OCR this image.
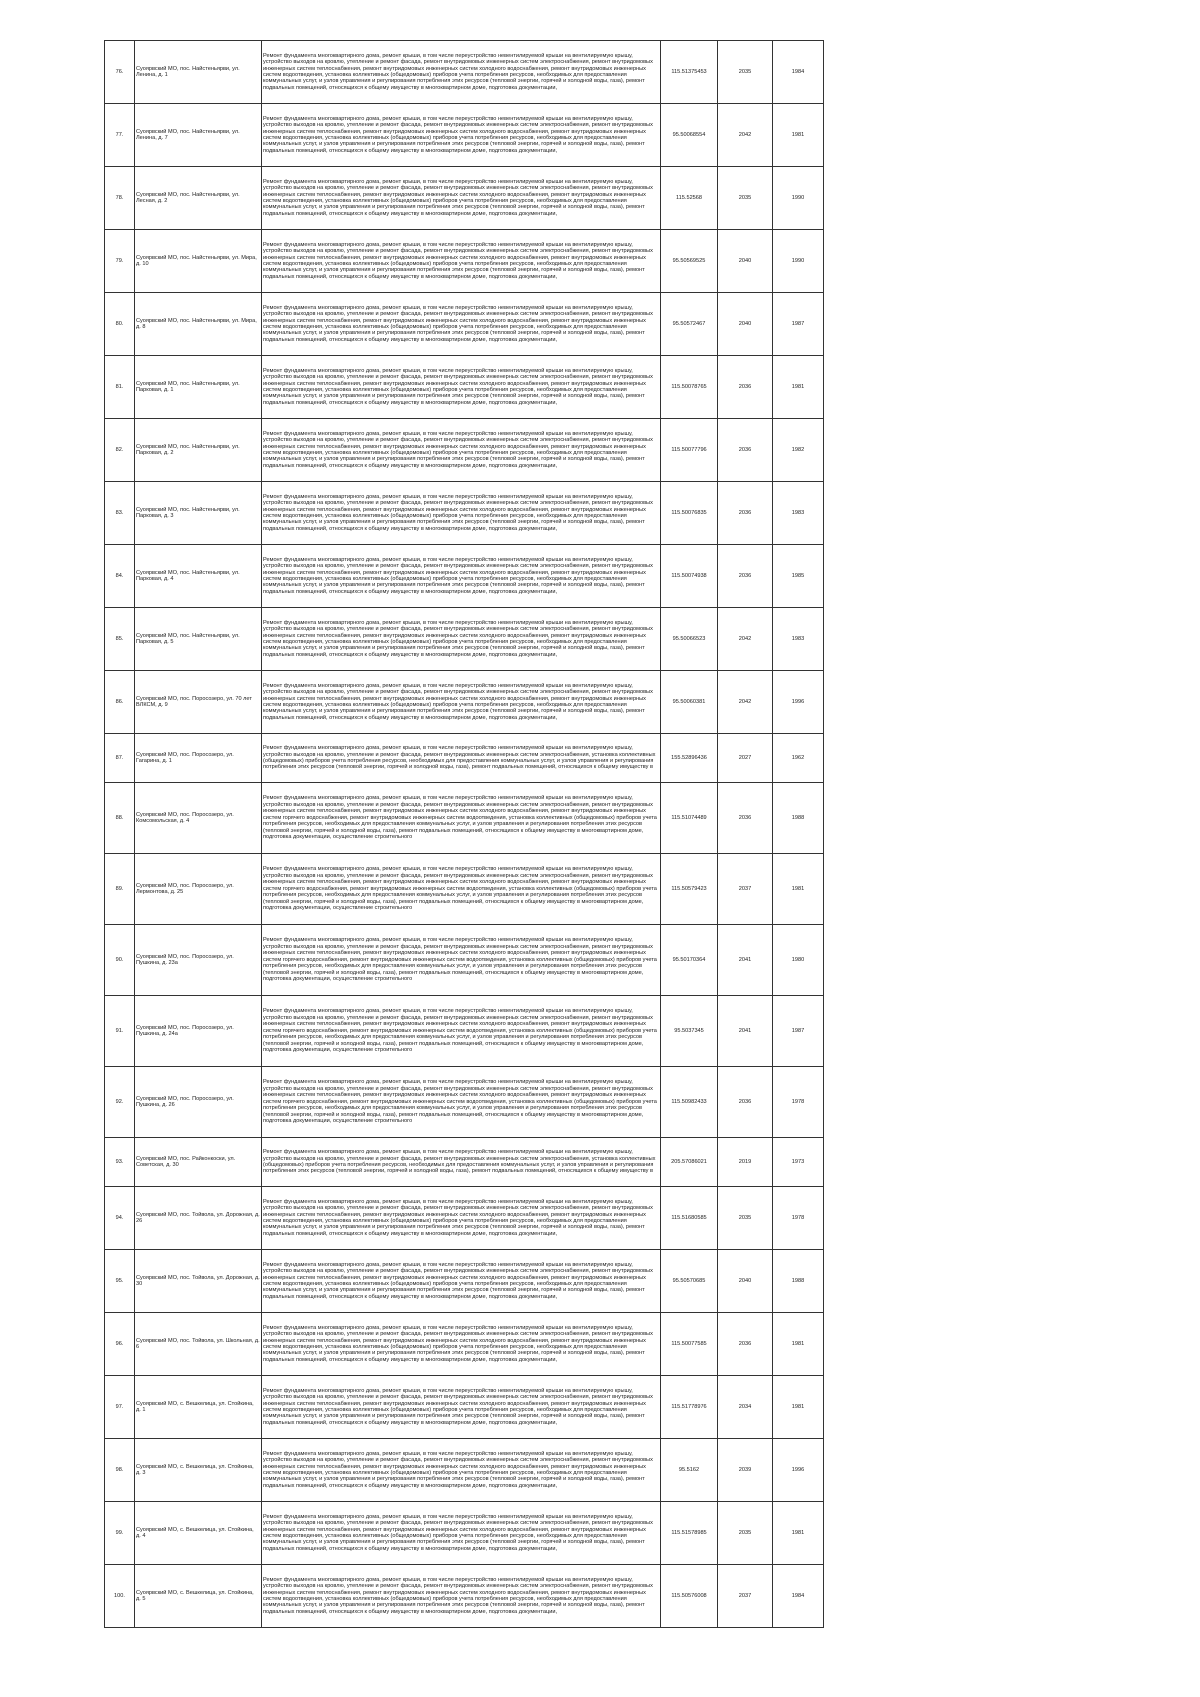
76.	Суоярвский МО, пос. Найстеньярви, ул. Ленина, д. 1	Ремонт фундамента многоквартирного дома, ремонт крыши, в том числе переустройство невентилируемой крыши на вентилируемую крышу, устройство выходов на кровлю, утепление и ремонт фасада, ремонт внутридомовых инженерных систем электроснабжения, ремонт внутридомовых инженерных систем теплоснабжения, ремонт внутридомовых инженерных систем холодного водоснабжения, ремонт внутридомовых инженерных систем водоотведения, установка коллективных (общедомовых) приборов учета потребления ресурсов, необходимых для предоставления коммунальных услуг, и узлов управления и регулирования потребления этих ресурсов (тепловой энергии, горячей и холодной воды, газа), ремонт подвальных помещений, относящихся к общему имуществу в многоквартирном доме, подготовка документации,	115.51375453	2035	1984
77.	Суоярвский МО, пос. Найстеньярви, ул. Ленина, д. 7	Ремонт фундамента многоквартирного дома, ремонт крыши, в том числе переустройство невентилируемой крыши на вентилируемую крышу, устройство выходов на кровлю, утепление и ремонт фасада, ремонт внутридомовых инженерных систем электроснабжения, ремонт внутридомовых инженерных систем теплоснабжения, ремонт внутридомовых инженерных систем холодного водоснабжения, ремонт внутридомовых инженерных систем водоотведения, установка коллективных (общедомовых) приборов учета потребления ресурсов, необходимых для предоставления коммунальных услуг, и узлов управления и регулирования потребления этих ресурсов (тепловой энергии, горячей и холодной воды, газа), ремонт подвальных помещений, относящихся к общему имуществу в многоквартирном доме, подготовка документации,	95.50068554	2042	1981
78.	Суоярвский МО, пос. Найстеньярви, ул. Лесная, д. 2	Ремонт фундамента многоквартирного дома, ремонт крыши, в том числе переустройство невентилируемой крыши на вентилируемую крышу, устройство выходов на кровлю, утепление и ремонт фасада, ремонт внутридомовых инженерных систем электроснабжения, ремонт внутридомовых инженерных систем теплоснабжения, ремонт внутридомовых инженерных систем холодного водоснабжения, ремонт внутридомовых инженерных систем водоотведения, установка коллективных (общедомовых) приборов учета потребления ресурсов, необходимых для предоставления коммунальных услуг, и узлов управления и регулирования потребления этих ресурсов (тепловой энергии, горячей и холодной воды, газа), ремонт подвальных помещений, относящихся к общему имуществу в многоквартирном доме, подготовка документации,	115.52568	2035	1990
79.	Суоярвский МО, пос. Найстеньярви, ул. Мира, д. 10	Ремонт фундамента многоквартирного дома, ремонт крыши, в том числе переустройство невентилируемой крыши на вентилируемую крышу, устройство выходов на кровлю, утепление и ремонт фасада, ремонт внутридомовых инженерных систем электроснабжения, ремонт внутридомовых инженерных систем теплоснабжения, ремонт внутридомовых инженерных систем холодного водоснабжения, ремонт внутридомовых инженерных систем водоотведения, установка коллективных (общедомовых) приборов учета потребления ресурсов, необходимых для предоставления коммунальных услуг, и узлов управления и регулирования потребления этих ресурсов (тепловой энергии, горячей и холодной воды, газа), ремонт подвальных помещений, относящихся к общему имуществу в многоквартирном доме, подготовка документации,	95.50569525	2040	1990
80.	Суоярвский МО, пос. Найстеньярви, ул. Мира, д. 8	Ремонт фундамента многоквартирного дома, ремонт крыши, в том числе переустройство невентилируемой крыши на вентилируемую крышу, устройство выходов на кровлю, утепление и ремонт фасада, ремонт внутридомовых инженерных систем электроснабжения, ремонт внутридомовых инженерных систем теплоснабжения, ремонт внутридомовых инженерных систем холодного водоснабжения, ремонт внутридомовых инженерных систем водоотведения, установка коллективных (общедомовых) приборов учета потребления ресурсов, необходимых для предоставления коммунальных услуг, и узлов управления и регулирования потребления этих ресурсов (тепловой энергии, горячей и холодной воды, газа), ремонт подвальных помещений, относящихся к общему имуществу в многоквартирном доме, подготовка документации,	95.50572467	2040	1987
81.	Суоярвский МО, пос. Найстеньярви, ул. Парковая, д. 1	Ремонт фундамента многоквартирного дома, ремонт крыши, в том числе переустройство невентилируемой крыши на вентилируемую крышу, устройство выходов на кровлю, утепление и ремонт фасада, ремонт внутридомовых инженерных систем электроснабжения, ремонт внутридомовых инженерных систем теплоснабжения, ремонт внутридомовых инженерных систем холодного водоснабжения, ремонт внутридомовых инженерных систем водоотведения, установка коллективных (общедомовых) приборов учета потребления ресурсов, необходимых для предоставления коммунальных услуг, и узлов управления и регулирования потребления этих ресурсов (тепловой энергии, горячей и холодной воды, газа), ремонт подвальных помещений, относящихся к общему имуществу в многоквартирном доме, подготовка документации,	115.50078765	2036	1981
82.	Суоярвский МО, пос. Найстеньярви, ул. Парковая, д. 2	Ремонт фундамента многоквартирного дома, ремонт крыши, в том числе переустройство невентилируемой крыши на вентилируемую крышу, устройство выходов на кровлю, утепление и ремонт фасада, ремонт внутридомовых инженерных систем электроснабжения, ремонт внутридомовых инженерных систем теплоснабжения, ремонт внутридомовых инженерных систем холодного водоснабжения, ремонт внутридомовых инженерных систем водоотведения, установка коллективных (общедомовых) приборов учета потребления ресурсов, необходимых для предоставления коммунальных услуг, и узлов управления и регулирования потребления этих ресурсов (тепловой энергии, горячей и холодной воды, газа), ремонт подвальных помещений, относящихся к общему имуществу в многоквартирном доме, подготовка документации,	115.50077796	2036	1982
83.	Суоярвский МО, пос. Найстеньярви, ул. Парковая, д. 3	Ремонт фундамента многоквартирного дома, ремонт крыши, в том числе переустройство невентилируемой крыши на вентилируемую крышу, устройство выходов на кровлю, утепление и ремонт фасада, ремонт внутридомовых инженерных систем электроснабжения, ремонт внутридомовых инженерных систем теплоснабжения, ремонт внутридомовых инженерных систем холодного водоснабжения, ремонт внутридомовых инженерных систем водоотведения, установка коллективных (общедомовых) приборов учета потребления ресурсов, необходимых для предоставления коммунальных услуг, и узлов управления и регулирования потребления этих ресурсов (тепловой энергии, горячей и холодной воды, газа), ремонт подвальных помещений, относящихся к общему имуществу в многоквартирном доме, подготовка документации,	115.50076835	2036	1983
84.	Суоярвский МО, пос. Найстеньярви, ул. Парковая, д. 4	Ремонт фундамента многоквартирного дома, ремонт крыши, в том числе переустройство невентилируемой крыши на вентилируемую крышу, устройство выходов на кровлю, утепление и ремонт фасада, ремонт внутридомовых инженерных систем электроснабжения, ремонт внутридомовых инженерных систем теплоснабжения, ремонт внутридомовых инженерных систем холодного водоснабжения, ремонт внутридомовых инженерных систем водоотведения, установка коллективных (общедомовых) приборов учета потребления ресурсов, необходимых для предоставления коммунальных услуг, и узлов управления и регулирования потребления этих ресурсов (тепловой энергии, горячей и холодной воды, газа), ремонт подвальных помещений, относящихся к общему имуществу в многоквартирном доме, подготовка документации,	115.50074938	2036	1985
85.	Суоярвский МО, пос. Найстеньярви, ул. Парковая, д. 5	Ремонт фундамента многоквартирного дома, ремонт крыши, в том числе переустройство невентилируемой крыши на вентилируемую крышу, устройство выходов на кровлю, утепление и ремонт фасада, ремонт внутридомовых инженерных систем электроснабжения, ремонт внутридомовых инженерных систем теплоснабжения, ремонт внутридомовых инженерных систем холодного водоснабжения, ремонт внутридомовых инженерных систем водоотведения, установка коллективных (общедомовых) приборов учета потребления ресурсов, необходимых для предоставления коммунальных услуг, и узлов управления и регулирования потребления этих ресурсов (тепловой энергии, горячей и холодной воды, газа), ремонт подвальных помещений, относящихся к общему имуществу в многоквартирном доме, подготовка документации,	95.50066523	2042	1983
86.	Суоярвский МО, пос. Поросозеро, ул. 70 лет ВЛКСМ, д. 9	Ремонт фундамента многоквартирного дома, ремонт крыши, в том числе переустройство невентилируемой крыши на вентилируемую крышу, устройство выходов на кровлю, утепление и ремонт фасада, ремонт внутридомовых инженерных систем электроснабжения, ремонт внутридомовых инженерных систем теплоснабжения, ремонт внутридомовых инженерных систем холодного водоснабжения, ремонт внутридомовых инженерных систем водоотведения, установка коллективных (общедомовых) приборов учета потребления ресурсов, необходимых для предоставления коммунальных услуг, и узлов управления и регулирования потребления этих ресурсов (тепловой энергии, горячей и холодной воды, газа), ремонт подвальных помещений, относящихся к общему имуществу в многоквартирном доме, подготовка документации,	95.50060381	2042	1996
87.	Суоярвский МО, пос. Поросозеро, ул. Гагарина, д. 1	Ремонт фундамента многоквартирного дома, ремонт крыши, в том числе переустройство невентилируемой крыши на вентилируемую крышу, устройство выходов на кровлю, утепление и ремонт фасада, ремонт внутридомовых инженерных систем электроснабжения, установка коллективных (общедомовых) приборов учета потребления ресурсов, необходимых для предоставления коммунальных услуг, и узлов управления и регулирования потребления этих ресурсов (тепловой энергии, горячей и холодной воды, газа), ремонт подвальных помещений, относящихся к общему имуществу в	155.52896436	2027	1962
88.	Суоярвский МО, пос. Поросозеро, ул. Комсомольская, д. 4	Ремонт фундамента многоквартирного дома, ремонт крыши, в том числе переустройство невентилируемой крыши на вентилируемую крышу, устройство выходов на кровлю, утепление и ремонт фасада, ремонт внутридомовых инженерных систем электроснабжения, ремонт внутридомовых инженерных систем теплоснабжения, ремонт внутридомовых инженерных систем холодного водоснабжения, ремонт внутридомовых инженерных систем горячего водоснабжения, ремонт внутридомовых инженерных систем водоотведения, установка коллективных (общедомовых) приборов учета потребления ресурсов, необходимых для предоставления коммунальных услуг, и узлов управления и регулирования потребления этих ресурсов (тепловой энергии, горячей и холодной воды, газа), ремонт подвальных помещений, относящихся к общему имуществу в многоквартирном доме, подготовка документации, осуществление строительного	115.51074489	2036	1988
89.	Суоярвский МО, пос. Поросозеро, ул. Лермонтова, д. 25	Ремонт фундамента многоквартирного дома, ремонт крыши, в том числе переустройство невентилируемой крыши на вентилируемую крышу, устройство выходов на кровлю, утепление и ремонт фасада, ремонт внутридомовых инженерных систем электроснабжения, ремонт внутридомовых инженерных систем теплоснабжения, ремонт внутридомовых инженерных систем холодного водоснабжения, ремонт внутридомовых инженерных систем горячего водоснабжения, ремонт внутридомовых инженерных систем водоотведения, установка коллективных (общедомовых) приборов учета потребления ресурсов, необходимых для предоставления коммунальных услуг, и узлов управления и регулирования потребления этих ресурсов (тепловой энергии, горячей и холодной воды, газа), ремонт подвальных помещений, относящихся к общему имуществу в многоквартирном доме, подготовка документации, осуществление строительного	115.50579423	2037	1981
90.	Суоярвский МО, пос. Поросозеро, ул. Пушкина, д. 23а	Ремонт фундамента многоквартирного дома, ремонт крыши, в том числе переустройство невентилируемой крыши на вентилируемую крышу, устройство выходов на кровлю, утепление и ремонт фасада, ремонт внутридомовых инженерных систем электроснабжения, ремонт внутридомовых инженерных систем теплоснабжения, ремонт внутридомовых инженерных систем холодного водоснабжения, ремонт внутридомовых инженерных систем горячего водоснабжения, ремонт внутридомовых инженерных систем водоотведения, установка коллективных (общедомовых) приборов учета потребления ресурсов, необходимых для предоставления коммунальных услуг, и узлов управления и регулирования потребления этих ресурсов (тепловой энергии, горячей и холодной воды, газа), ремонт подвальных помещений, относящихся к общему имуществу в многоквартирном доме, подготовка документации, осуществление строительного	95.50170364	2041	1980
91.	Суоярвский МО, пос. Поросозеро, ул. Пушкина, д. 24а	Ремонт фундамента многоквартирного дома, ремонт крыши, в том числе переустройство невентилируемой крыши на вентилируемую крышу, устройство выходов на кровлю, утепление и ремонт фасада, ремонт внутридомовых инженерных систем электроснабжения, ремонт внутридомовых инженерных систем теплоснабжения, ремонт внутридомовых инженерных систем холодного водоснабжения, ремонт внутридомовых инженерных систем горячего водоснабжения, ремонт внутридомовых инженерных систем водоотведения, установка коллективных (общедомовых) приборов учета потребления ресурсов, необходимых для предоставления коммунальных услуг, и узлов управления и регулирования потребления этих ресурсов (тепловой энергии, горячей и холодной воды, газа), ремонт подвальных помещений, относящихся к общему имуществу в многоквартирном доме, подготовка документации, осуществление строительного	95.5037345	2041	1987
92.	Суоярвский МО, пос. Поросозеро, ул. Пушкина, д. 26	Ремонт фундамента многоквартирного дома, ремонт крыши, в том числе переустройство невентилируемой крыши на вентилируемую крышу, устройство выходов на кровлю, утепление и ремонт фасада, ремонт внутридомовых инженерных систем электроснабжения, ремонт внутридомовых инженерных систем теплоснабжения, ремонт внутридомовых инженерных систем холодного водоснабжения, ремонт внутридомовых инженерных систем горячего водоснабжения, ремонт внутридомовых инженерных систем водоотведения, установка коллективных (общедомовых) приборов учета потребления ресурсов, необходимых для предоставления коммунальных услуг, и узлов управления и регулирования потребления этих ресурсов (тепловой энергии, горячей и холодной воды, газа), ремонт подвальных помещений, относящихся к общему имуществу в многоквартирном доме, подготовка документации, осуществление строительного	115.50982433	2036	1978
93.	Суоярвский МО, пос. Райконкоски, ул. Советская, д. 30	Ремонт фундамента многоквартирного дома, ремонт крыши, в том числе переустройство невентилируемой крыши на вентилируемую крышу, устройство выходов на кровлю, утепление и ремонт фасада, ремонт внутридомовых инженерных систем электроснабжения, установка коллективных (общедомовых) приборов учета потребления ресурсов, необходимых для предоставления коммунальных услуг, и узлов управления и регулирования потребления этих ресурсов (тепловой энергии, горячей и холодной воды, газа), ремонт подвальных помещений, относящихся к общему имуществу в	205.57086021	2019	1973
94.	Суоярвский МО, пос. Тойвола, ул. Дорожная, д. 26	Ремонт фундамента многоквартирного дома, ремонт крыши, в том числе переустройство невентилируемой крыши на вентилируемую крышу, устройство выходов на кровлю, утепление и ремонт фасада, ремонт внутридомовых инженерных систем электроснабжения, ремонт внутридомовых инженерных систем теплоснабжения, ремонт внутридомовых инженерных систем холодного водоснабжения, ремонт внутридомовых инженерных систем водоотведения, установка коллективных (общедомовых) приборов учета потребления ресурсов, необходимых для предоставления коммунальных услуг, и узлов управления и регулирования потребления этих ресурсов (тепловой энергии, горячей и холодной воды, газа), ремонт подвальных помещений, относящихся к общему имуществу в многоквартирном доме, подготовка документации,	115.51680585	2035	1978
95.	Суоярвский МО, пос. Тойвола, ул. Дорожная, д. 30	Ремонт фундамента многоквартирного дома, ремонт крыши, в том числе переустройство невентилируемой крыши на вентилируемую крышу, устройство выходов на кровлю, утепление и ремонт фасада, ремонт внутридомовых инженерных систем электроснабжения, ремонт внутридомовых инженерных систем теплоснабжения, ремонт внутридомовых инженерных систем холодного водоснабжения, ремонт внутридомовых инженерных систем водоотведения, установка коллективных (общедомовых) приборов учета потребления ресурсов, необходимых для предоставления коммунальных услуг, и узлов управления и регулирования потребления этих ресурсов (тепловой энергии, горячей и холодной воды, газа), ремонт подвальных помещений, относящихся к общему имуществу в многоквартирном доме, подготовка документации,	95.50570685	2040	1988
96.	Суоярвский МО, пос. Тойвола, ул. Школьная, д. 6	Ремонт фундамента многоквартирного дома, ремонт крыши, в том числе переустройство невентилируемой крыши на вентилируемую крышу, устройство выходов на кровлю, утепление и ремонт фасада, ремонт внутридомовых инженерных систем электроснабжения, ремонт внутридомовых инженерных систем теплоснабжения, ремонт внутридомовых инженерных систем холодного водоснабжения, ремонт внутридомовых инженерных систем водоотведения, установка коллективных (общедомовых) приборов учета потребления ресурсов, необходимых для предоставления коммунальных услуг, и узлов управления и регулирования потребления этих ресурсов (тепловой энергии, горячей и холодной воды, газа), ремонт подвальных помещений, относящихся к общему имуществу в многоквартирном доме, подготовка документации,	115.50077585	2036	1981
97.	Суоярвский МО, с. Вешкелица, ул. Стойкина, д. 1	Ремонт фундамента многоквартирного дома, ремонт крыши, в том числе переустройство невентилируемой крыши на вентилируемую крышу, устройство выходов на кровлю, утепление и ремонт фасада, ремонт внутридомовых инженерных систем электроснабжения, ремонт внутридомовых инженерных систем теплоснабжения, ремонт внутридомовых инженерных систем холодного водоснабжения, ремонт внутридомовых инженерных систем водоотведения, установка коллективных (общедомовых) приборов учета потребления ресурсов, необходимых для предоставления коммунальных услуг, и узлов управления и регулирования потребления этих ресурсов (тепловой энергии, горячей и холодной воды, газа), ремонт подвальных помещений, относящихся к общему имуществу в многоквартирном доме, подготовка документации,	115.51778976	2034	1981
98.	Суоярвский МО, с. Вешкелица, ул. Стойкина, д. 3	Ремонт фундамента многоквартирного дома, ремонт крыши, в том числе переустройство невентилируемой крыши на вентилируемую крышу, устройство выходов на кровлю, утепление и ремонт фасада, ремонт внутридомовых инженерных систем электроснабжения, ремонт внутридомовых инженерных систем теплоснабжения, ремонт внутридомовых инженерных систем холодного водоснабжения, ремонт внутридомовых инженерных систем водоотведения, установка коллективных (общедомовых) приборов учета потребления ресурсов, необходимых для предоставления коммунальных услуг, и узлов управления и регулирования потребления этих ресурсов (тепловой энергии, горячей и холодной воды, газа), ремонт подвальных помещений, относящихся к общему имуществу в многоквартирном доме, подготовка документации,	95.5162	2039	1996
99.	Суоярвский МО, с. Вешкелица, ул. Стойкина, д. 4	Ремонт фундамента многоквартирного дома, ремонт крыши, в том числе переустройство невентилируемой крыши на вентилируемую крышу, устройство выходов на кровлю, утепление и ремонт фасада, ремонт внутридомовых инженерных систем электроснабжения, ремонт внутридомовых инженерных систем теплоснабжения, ремонт внутридомовых инженерных систем холодного водоснабжения, ремонт внутридомовых инженерных систем водоотведения, установка коллективных (общедомовых) приборов учета потребления ресурсов, необходимых для предоставления коммунальных услуг, и узлов управления и регулирования потребления этих ресурсов (тепловой энергии, горячей и холодной воды, газа), ремонт подвальных помещений, относящихся к общему имуществу в многоквартирном доме, подготовка документации,	115.51578985	2035	1981
100.	Суоярвский МО, с. Вешкелица, ул. Стойкина, д. 5	Ремонт фундамента многоквартирного дома, ремонт крыши, в том числе переустройство невентилируемой крыши на вентилируемую крышу, устройство выходов на кровлю, утепление и ремонт фасада, ремонт внутридомовых инженерных систем электроснабжения, ремонт внутридомовых инженерных систем теплоснабжения, ремонт внутридомовых инженерных систем холодного водоснабжения, ремонт внутридомовых инженерных систем водоотведения, установка коллективных (общедомовых) приборов учета потребления ресурсов, необходимых для предоставления коммунальных услуг, и узлов управления и регулирования потребления этих ресурсов (тепловой энергии, горячей и холодной воды, газа), ремонт подвальных помещений, относящихся к общему имуществу в многоквартирном доме, подготовка документации,	115.50576008	2037	1984
